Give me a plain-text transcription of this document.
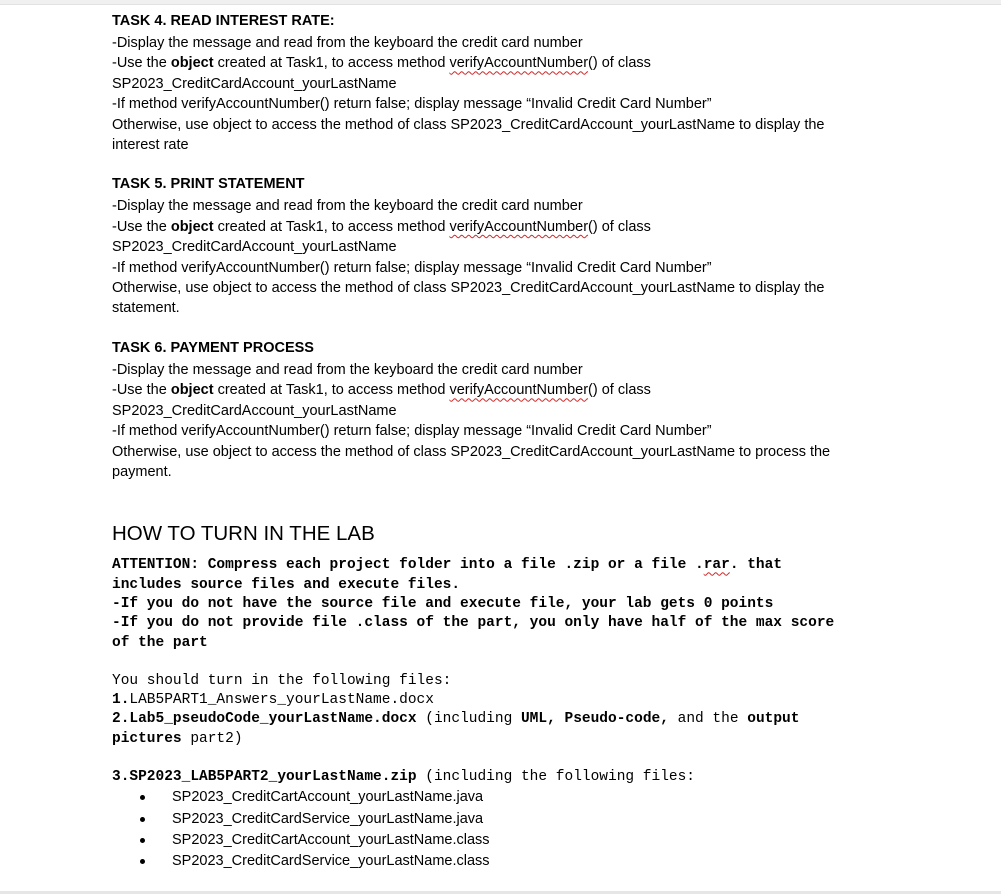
TASK 4. READ INTEREST RATE:
-Display the message and read from the keyboard the credit card number
-Use the object created at Task1, to access method verifyAccountNumber() of class
SP2023_CreditCardAccount_yourLastName
-If method verifyAccountNumber() return false; display message “Invalid Credit Card Number”
Otherwise, use object to access the method of class SP2023_CreditCardAccount_yourLastName to display the
interest rate
TASK 5. PRINT STATEMENT
-Display the message and read from the keyboard the credit card number
-Use the object created at Task1, to access method verifyAccountNumber() of class
SP2023_CreditCardAccount_yourLastName
-If method verifyAccountNumber() return false; display message “Invalid Credit Card Number”
Otherwise, use object to access the method of class SP2023_CreditCardAccount_yourLastName to display the
statement.
TASK 6. PAYMENT PROCESS
-Display the message and read from the keyboard the credit card number
-Use the object created at Task1, to access method verifyAccountNumber() of class
SP2023_CreditCardAccount_yourLastName
-If method verifyAccountNumber() return false; display message “Invalid Credit Card Number”
Otherwise, use object to access the method of class SP2023_CreditCardAccount_yourLastName to process the
payment.
HOW TO TURN IN THE LAB
ATTENTION: Compress each project folder into a file .zip or a file .rar. that
includes source files and execute files.
-If you do not have the source file and execute file, your lab gets 0 points
-If you do not provide file .class of the part, you only have half of the max score
of the part
You should turn in the following files:
1.LAB5PART1_Answers_yourLastName.docx
2.Lab5_pseudoCode_yourLastName.docx (including UML, Pseudo-code, and the output
pictures part2)
3.SP2023_LAB5PART2_yourLastName.zip (including the following files:
SP2023_CreditCartAccount_yourLastName.java
SP2023_CreditCardService_yourLastName.java
SP2023_CreditCartAccount_yourLastName.class
SP2023_CreditCardService_yourLastName.class
